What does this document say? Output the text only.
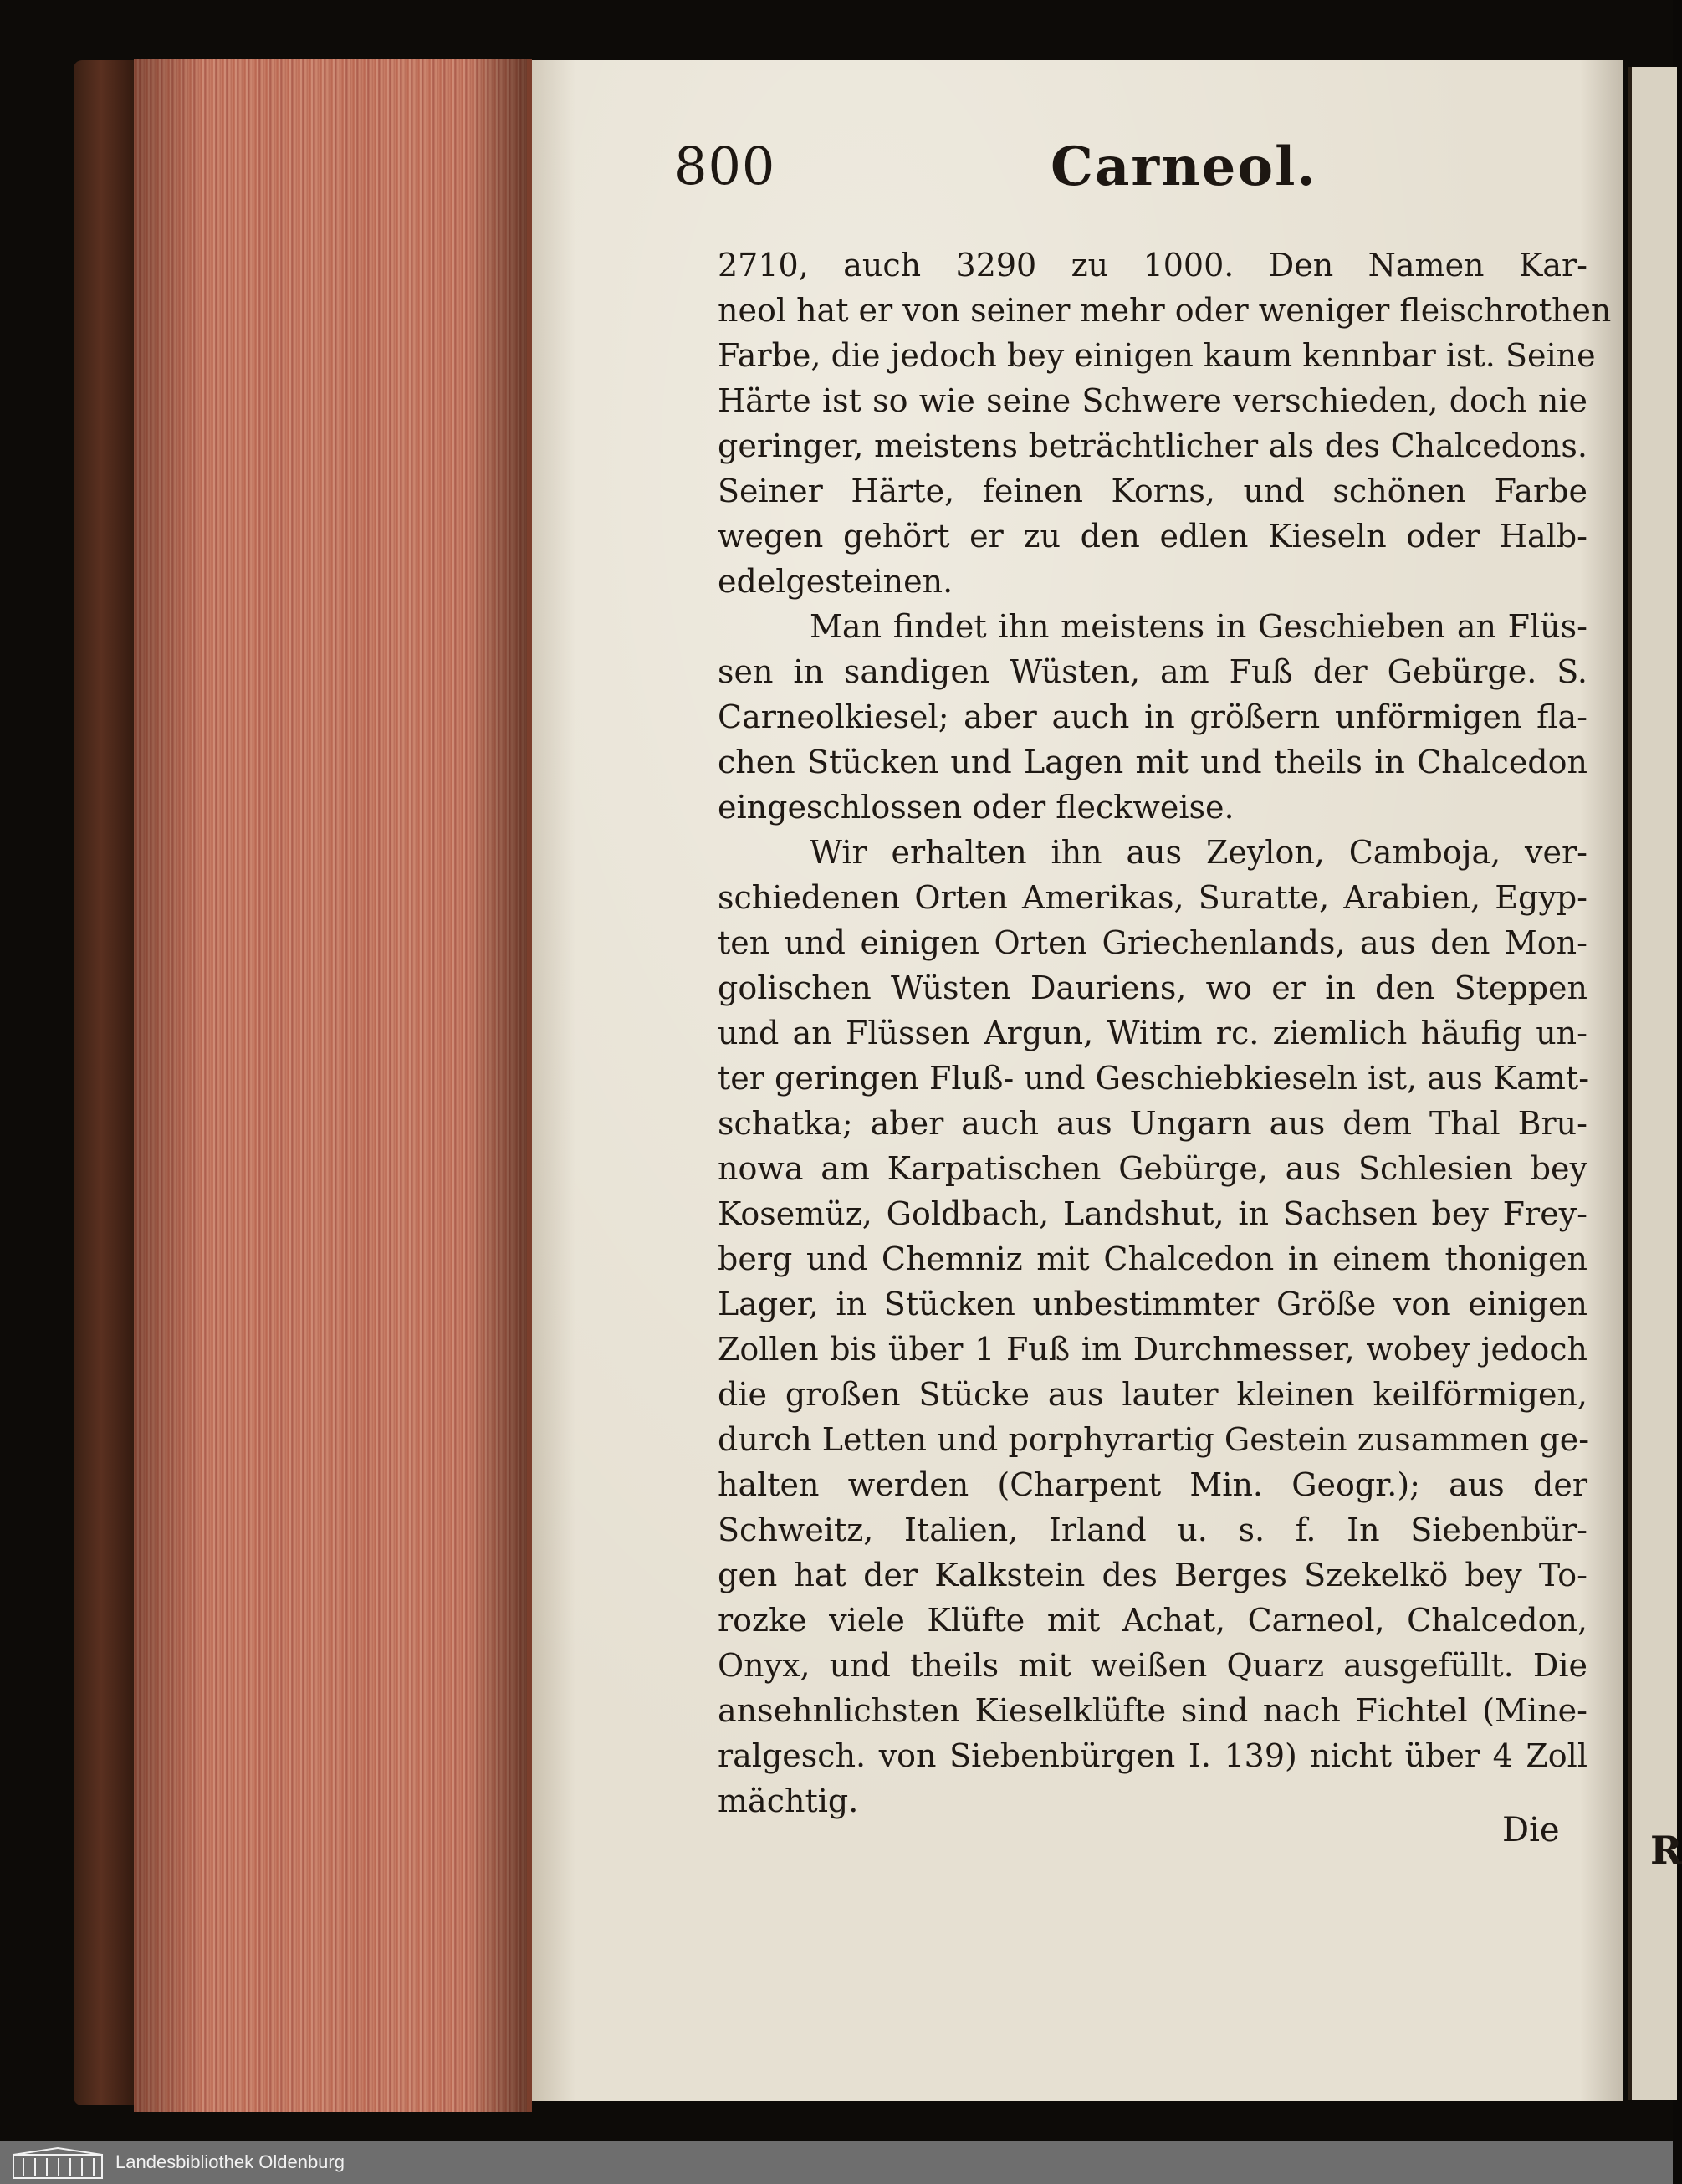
800	Carneol.
2710, auch 3290 zu 1000. Den Namen Kar-
neol hat er von seiner mehr oder weniger fleischrothen
Farbe, die jedoch bey einigen kaum kennbar ist. Seine
Härte ist so wie seine Schwere verschieden, doch nie
geringer, meistens beträchtlicher als des Chalcedons.
Seiner Härte, feinen Korns, und schönen Farbe
wegen gehört er zu den edlen Kieseln oder Halb-
edelgesteinen.
Man findet ihn meistens in Geschieben an Flüs-
sen in sandigen Wüsten, am Fuß der Gebürge. S.
Carneolkiesel; aber auch in größern unförmigen fla-
chen Stücken und Lagen mit und theils in Chalcedon
eingeschlossen oder fleckweise.
Wir erhalten ihn aus Zeylon, Camboja, ver-
schiedenen Orten Amerikas, Suratte, Arabien, Egyp-
ten und einigen Orten Griechenlands, aus den Mon-
golischen Wüsten Dauriens, wo er in den Steppen
und an Flüssen Argun, Witim rc. ziemlich häufig un-
ter geringen Fluß- und Geschiebkieseln ist, aus Kamt-
schatka; aber auch aus Ungarn aus dem Thal Bru-
nowa am Karpatischen Gebürge, aus Schlesien bey
Kosemüz, Goldbach, Landshut, in Sachsen bey Frey-
berg und Chemniz mit Chalcedon in einem thonigen
Lager, in Stücken unbestimmter Größe von einigen
Zollen bis über 1 Fuß im Durchmesser, wobey jedoch
die großen Stücke aus lauter kleinen keilförmigen,
durch Letten und porphyrartig Gestein zusammen ge-
halten werden (Charpent Min. Geogr.); aus der
Schweitz, Italien, Irland u. s. f. In Siebenbür-
gen hat der Kalkstein des Berges Szekelkö bey To-
rozke viele Klüfte mit Achat, Carneol, Chalcedon,
Onyx, und theils mit weißen Quarz ausgefüllt. Die
ansehnlichsten Kieselklüfte sind nach Fichtel (Mine-
ralgesch. von Siebenbürgen I. 139) nicht über 4 Zoll
mächtig.
Die R
Landesbibliothek Oldenburg
